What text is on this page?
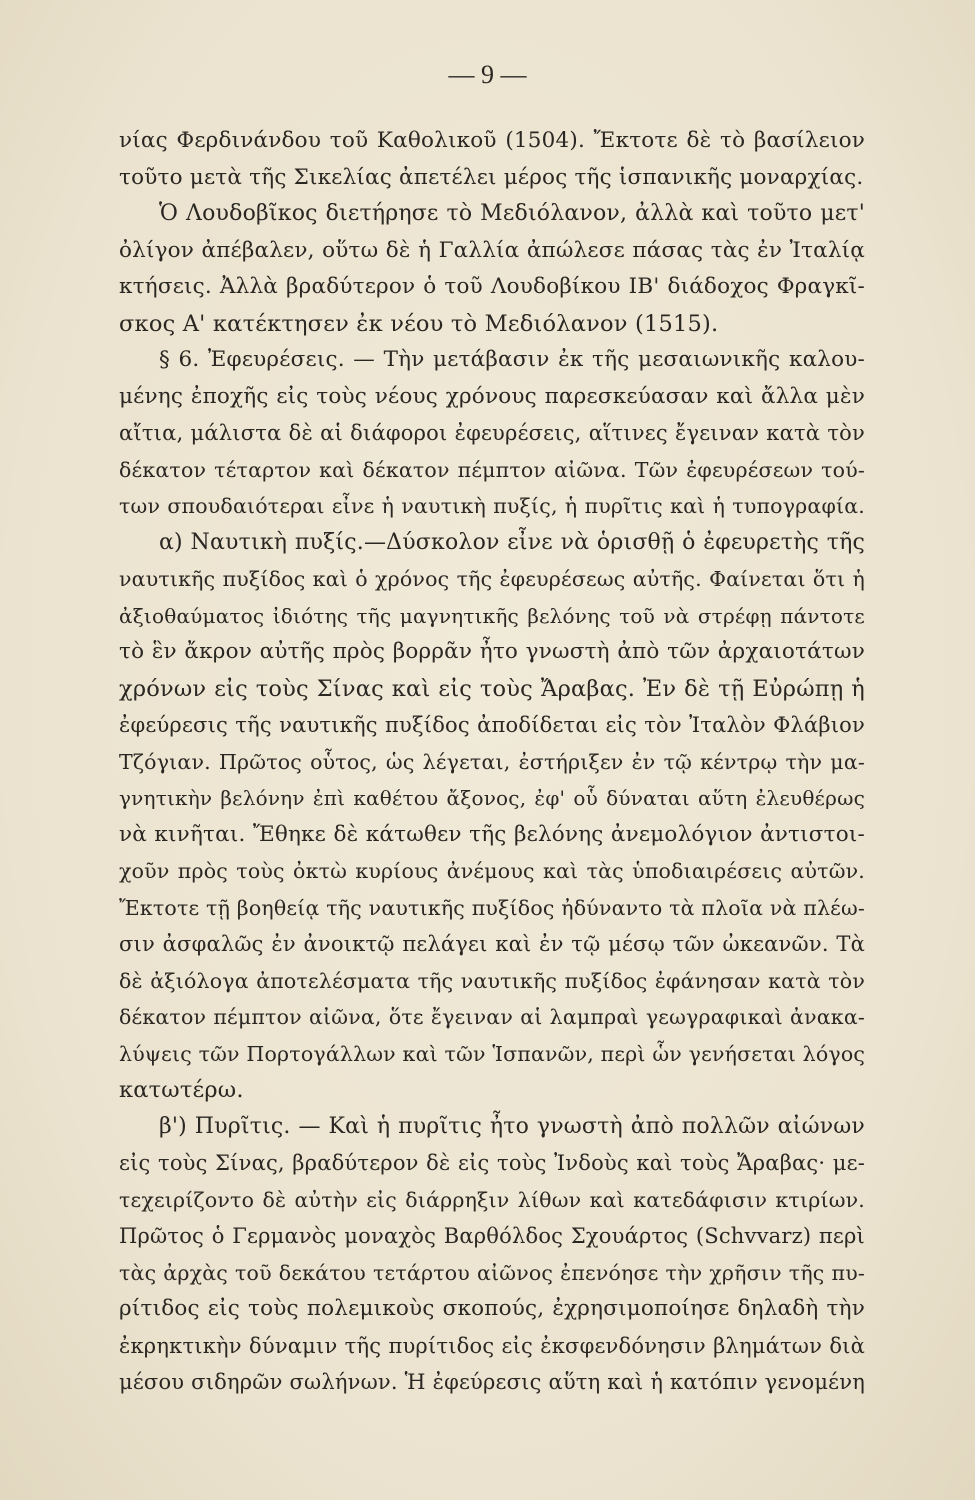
— 9 —
νίας Φερδινάνδου τοῦ Καθολικοῦ (1504). Ἔκτοτε δὲ τὸ βασίλειον
τοῦτο μετὰ τῆς Σικελίας ἀπετέλει μέρος τῆς ἱσπανικῆς μοναρχίας.
Ὁ Λουδοβῖκος διετήρησε τὸ Μεδιόλανον, ἀλλὰ καὶ τοῦτο μετ'
ὀλίγον ἀπέβαλεν, οὕτω δὲ ἡ Γαλλία ἀπώλεσε πάσας τὰς ἐν Ἰταλίᾳ
κτήσεις. Ἀλλὰ βραδύτερον ὁ τοῦ Λουδοβίκου ΙΒ' διάδοχος Φραγκῖ-
σκος Α' κατέκτησεν ἐκ νέου τὸ Μεδιόλανον (1515).
§ 6. Ἐφευρέσεις. — Τὴν μετάβασιν ἐκ τῆς μεσαιωνικῆς καλου-
μένης ἐποχῆς εἰς τοὺς νέους χρόνους παρεσκεύασαν καὶ ἄλλα μὲν
αἴτια, μάλιστα δὲ αἱ διάφοροι ἐφευρέσεις, αἵτινες ἔγειναν κατὰ τὸν
δέκατον τέταρτον καὶ δέκατον πέμπτον αἰῶνα. Τῶν ἐφευρέσεων τού-
των σπουδαιότεραι εἶνε ἡ ναυτικὴ πυξίς, ἡ πυρῖτις καὶ ἡ τυπογραφία.
α) Ναυτικὴ πυξίς.—Δύσκολον εἶνε νὰ ὁρισθῇ ὁ ἐφευρετὴς τῆς
ναυτικῆς πυξίδος καὶ ὁ χρόνος τῆς ἐφευρέσεως αὐτῆς. Φαίνεται ὅτι ἡ
ἀξιοθαύματος ἰδιότης τῆς μαγνητικῆς βελόνης τοῦ νὰ στρέφῃ πάντοτε
τὸ ἓν ἄκρον αὐτῆς πρὸς βορρᾶν ἦτο γνωστὴ ἀπὸ τῶν ἀρχαιοτάτων
χρόνων εἰς τοὺς Σίνας καὶ εἰς τοὺς Ἄραβας. Ἐν δὲ τῇ Εὐρώπῃ ἡ
ἐφεύρεσις τῆς ναυτικῆς πυξίδος ἀποδίδεται εἰς τὸν Ἰταλὸν Φλάβιον
Τζόγιαν. Πρῶτος οὗτος, ὡς λέγεται, ἐστήριξεν ἐν τῷ κέντρῳ τὴν μα-
γνητικὴν βελόνην ἐπὶ καθέτου ἄξονος, ἐφ' οὗ δύναται αὕτη ἐλευθέρως
νὰ κινῆται. Ἔθηκε δὲ κάτωθεν τῆς βελόνης ἀνεμολόγιον ἀντιστοι-
χοῦν πρὸς τοὺς ὀκτὼ κυρίους ἀνέμους καὶ τὰς ὑποδιαιρέσεις αὐτῶν.
Ἔκτοτε τῇ βοηθείᾳ τῆς ναυτικῆς πυξίδος ἠδύναντο τὰ πλοῖα νὰ πλέω-
σιν ἀσφαλῶς ἐν ἀνοικτῷ πελάγει καὶ ἐν τῷ μέσῳ τῶν ὠκεανῶν. Τὰ
δὲ ἀξιόλογα ἀποτελέσματα τῆς ναυτικῆς πυξίδος ἐφάνησαν κατὰ τὸν
δέκατον πέμπτον αἰῶνα, ὅτε ἔγειναν αἱ λαμπραὶ γεωγραφικαὶ ἀνακα-
λύψεις τῶν Πορτογάλλων καὶ τῶν Ἱσπανῶν, περὶ ὧν γενήσεται λόγος
κατωτέρω.
β') Πυρῖτις. — Καὶ ἡ πυρῖτις ἦτο γνωστὴ ἀπὸ πολλῶν αἰώνων
εἰς τοὺς Σίνας, βραδύτερον δὲ εἰς τοὺς Ἰνδοὺς καὶ τοὺς Ἄραβας· με-
τεχειρίζοντο δὲ αὐτὴν εἰς διάρρηξιν λίθων καὶ κατεδάφισιν κτιρίων.
Πρῶτος ὁ Γερμανὸς μοναχὸς Βαρθόλδος Σχουάρτος (Schvvarz) περὶ
τὰς ἀρχὰς τοῦ δεκάτου τετάρτου αἰῶνος ἐπενόησε τὴν χρῆσιν τῆς πυ-
ρίτιδος εἰς τοὺς πολεμικοὺς σκοπούς, ἐχρησιμοποίησε δηλαδὴ τὴν
ἐκρηκτικὴν δύναμιν τῆς πυρίτιδος εἰς ἐκσφενδόνησιν βλημάτων διὰ
μέσου σιδηρῶν σωλήνων. Ἡ ἐφεύρεσις αὕτη καὶ ἡ κατόπιν γενομένη
